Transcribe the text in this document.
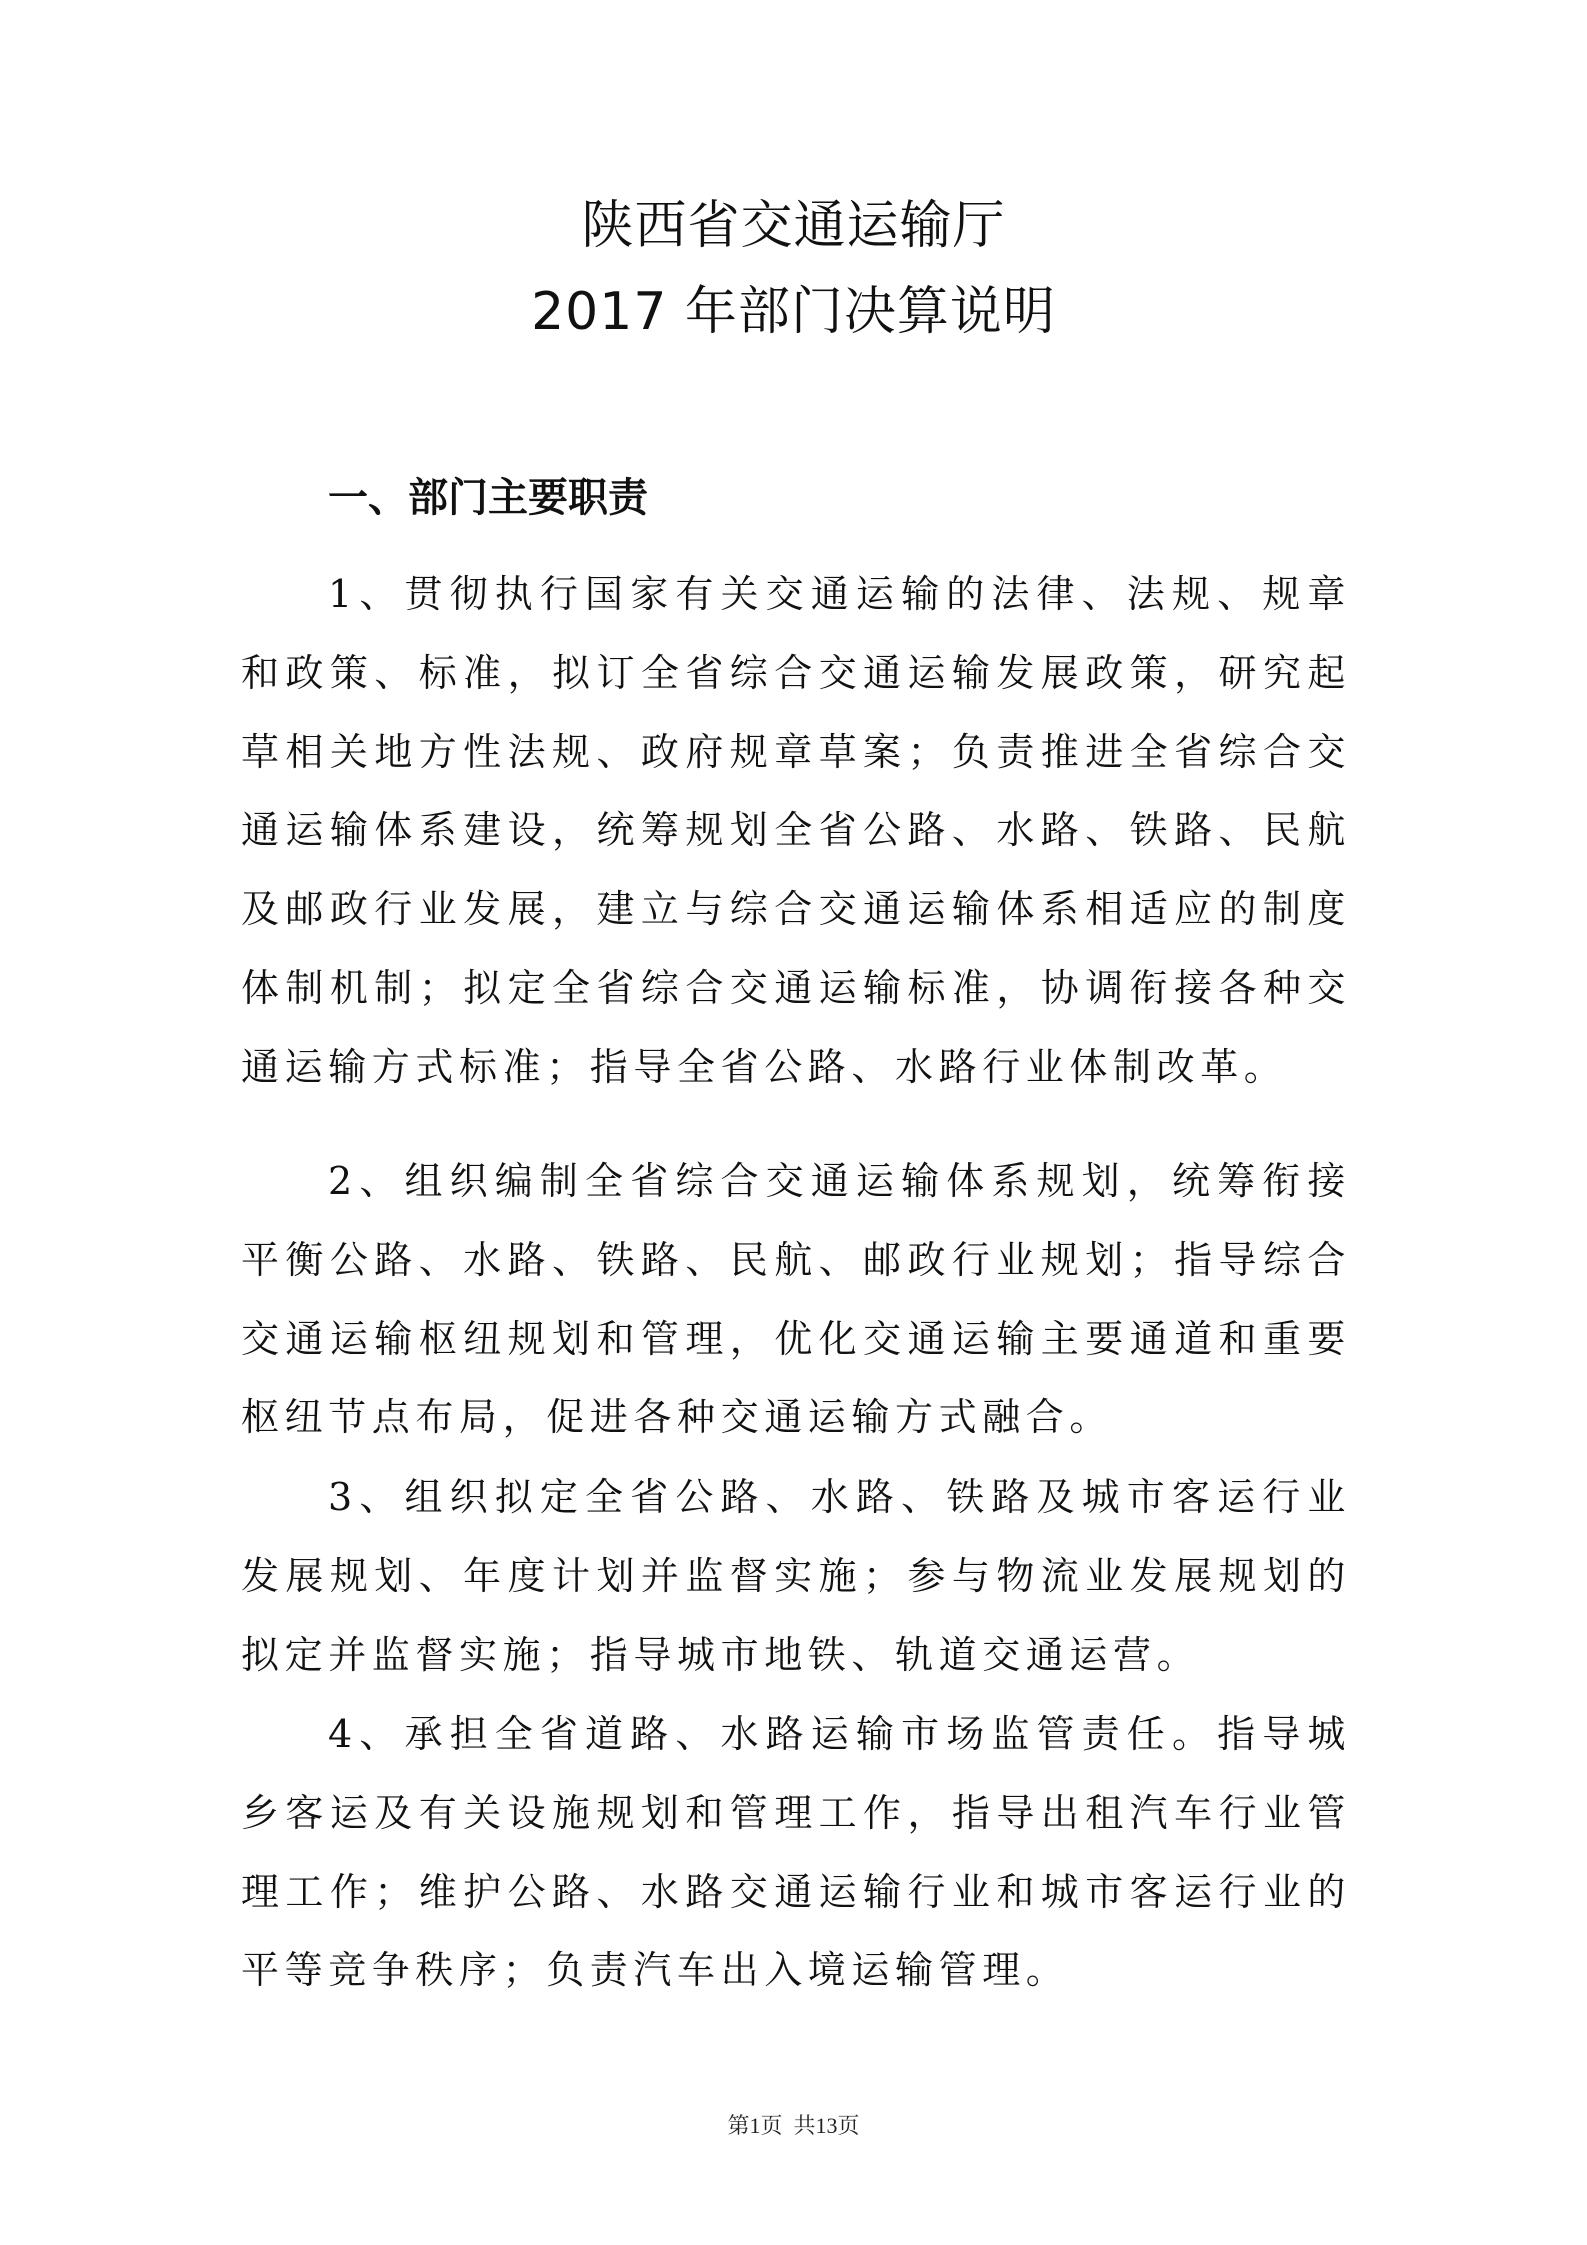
陕西省交通运输厅
2017 年部门决算说明
一、部门主要职责

1、贯彻执行国家有关交通运输的法律、法规、规章和政策、标准，拟订全省综合交通运输发展政策，研究起草相关地方性法规、政府规章草案；负责推进全省综合交通运输体系建设，统筹规划全省公路、水路、铁路、民航及邮政行业发展，建立与综合交通运输体系相适应的制度体制机制；拟定全省综合交通运输标准，协调衔接各种交通运输方式标准；指导全省公路、水路行业体制改革。

2、组织编制全省综合交通运输体系规划，统筹衔接平衡公路、水路、铁路、民航、邮政行业规划；指导综合交通运输枢纽规划和管理，优化交通运输主要通道和重要枢纽节点布局，促进各种交通运输方式融合。

3、组织拟定全省公路、水路、铁路及城市客运行业发展规划、年度计划并监督实施；参与物流业发展规划的拟定并监督实施；指导城市地铁、轨道交通运营。

4、承担全省道路、水路运输市场监管责任。指导城乡客运及有关设施规划和管理工作，指导出租汽车行业管理工作；维护公路、水路交通运输行业和城市客运行业的平等竞争秩序；负责汽车出入境运输管理。

第1页 共13页
